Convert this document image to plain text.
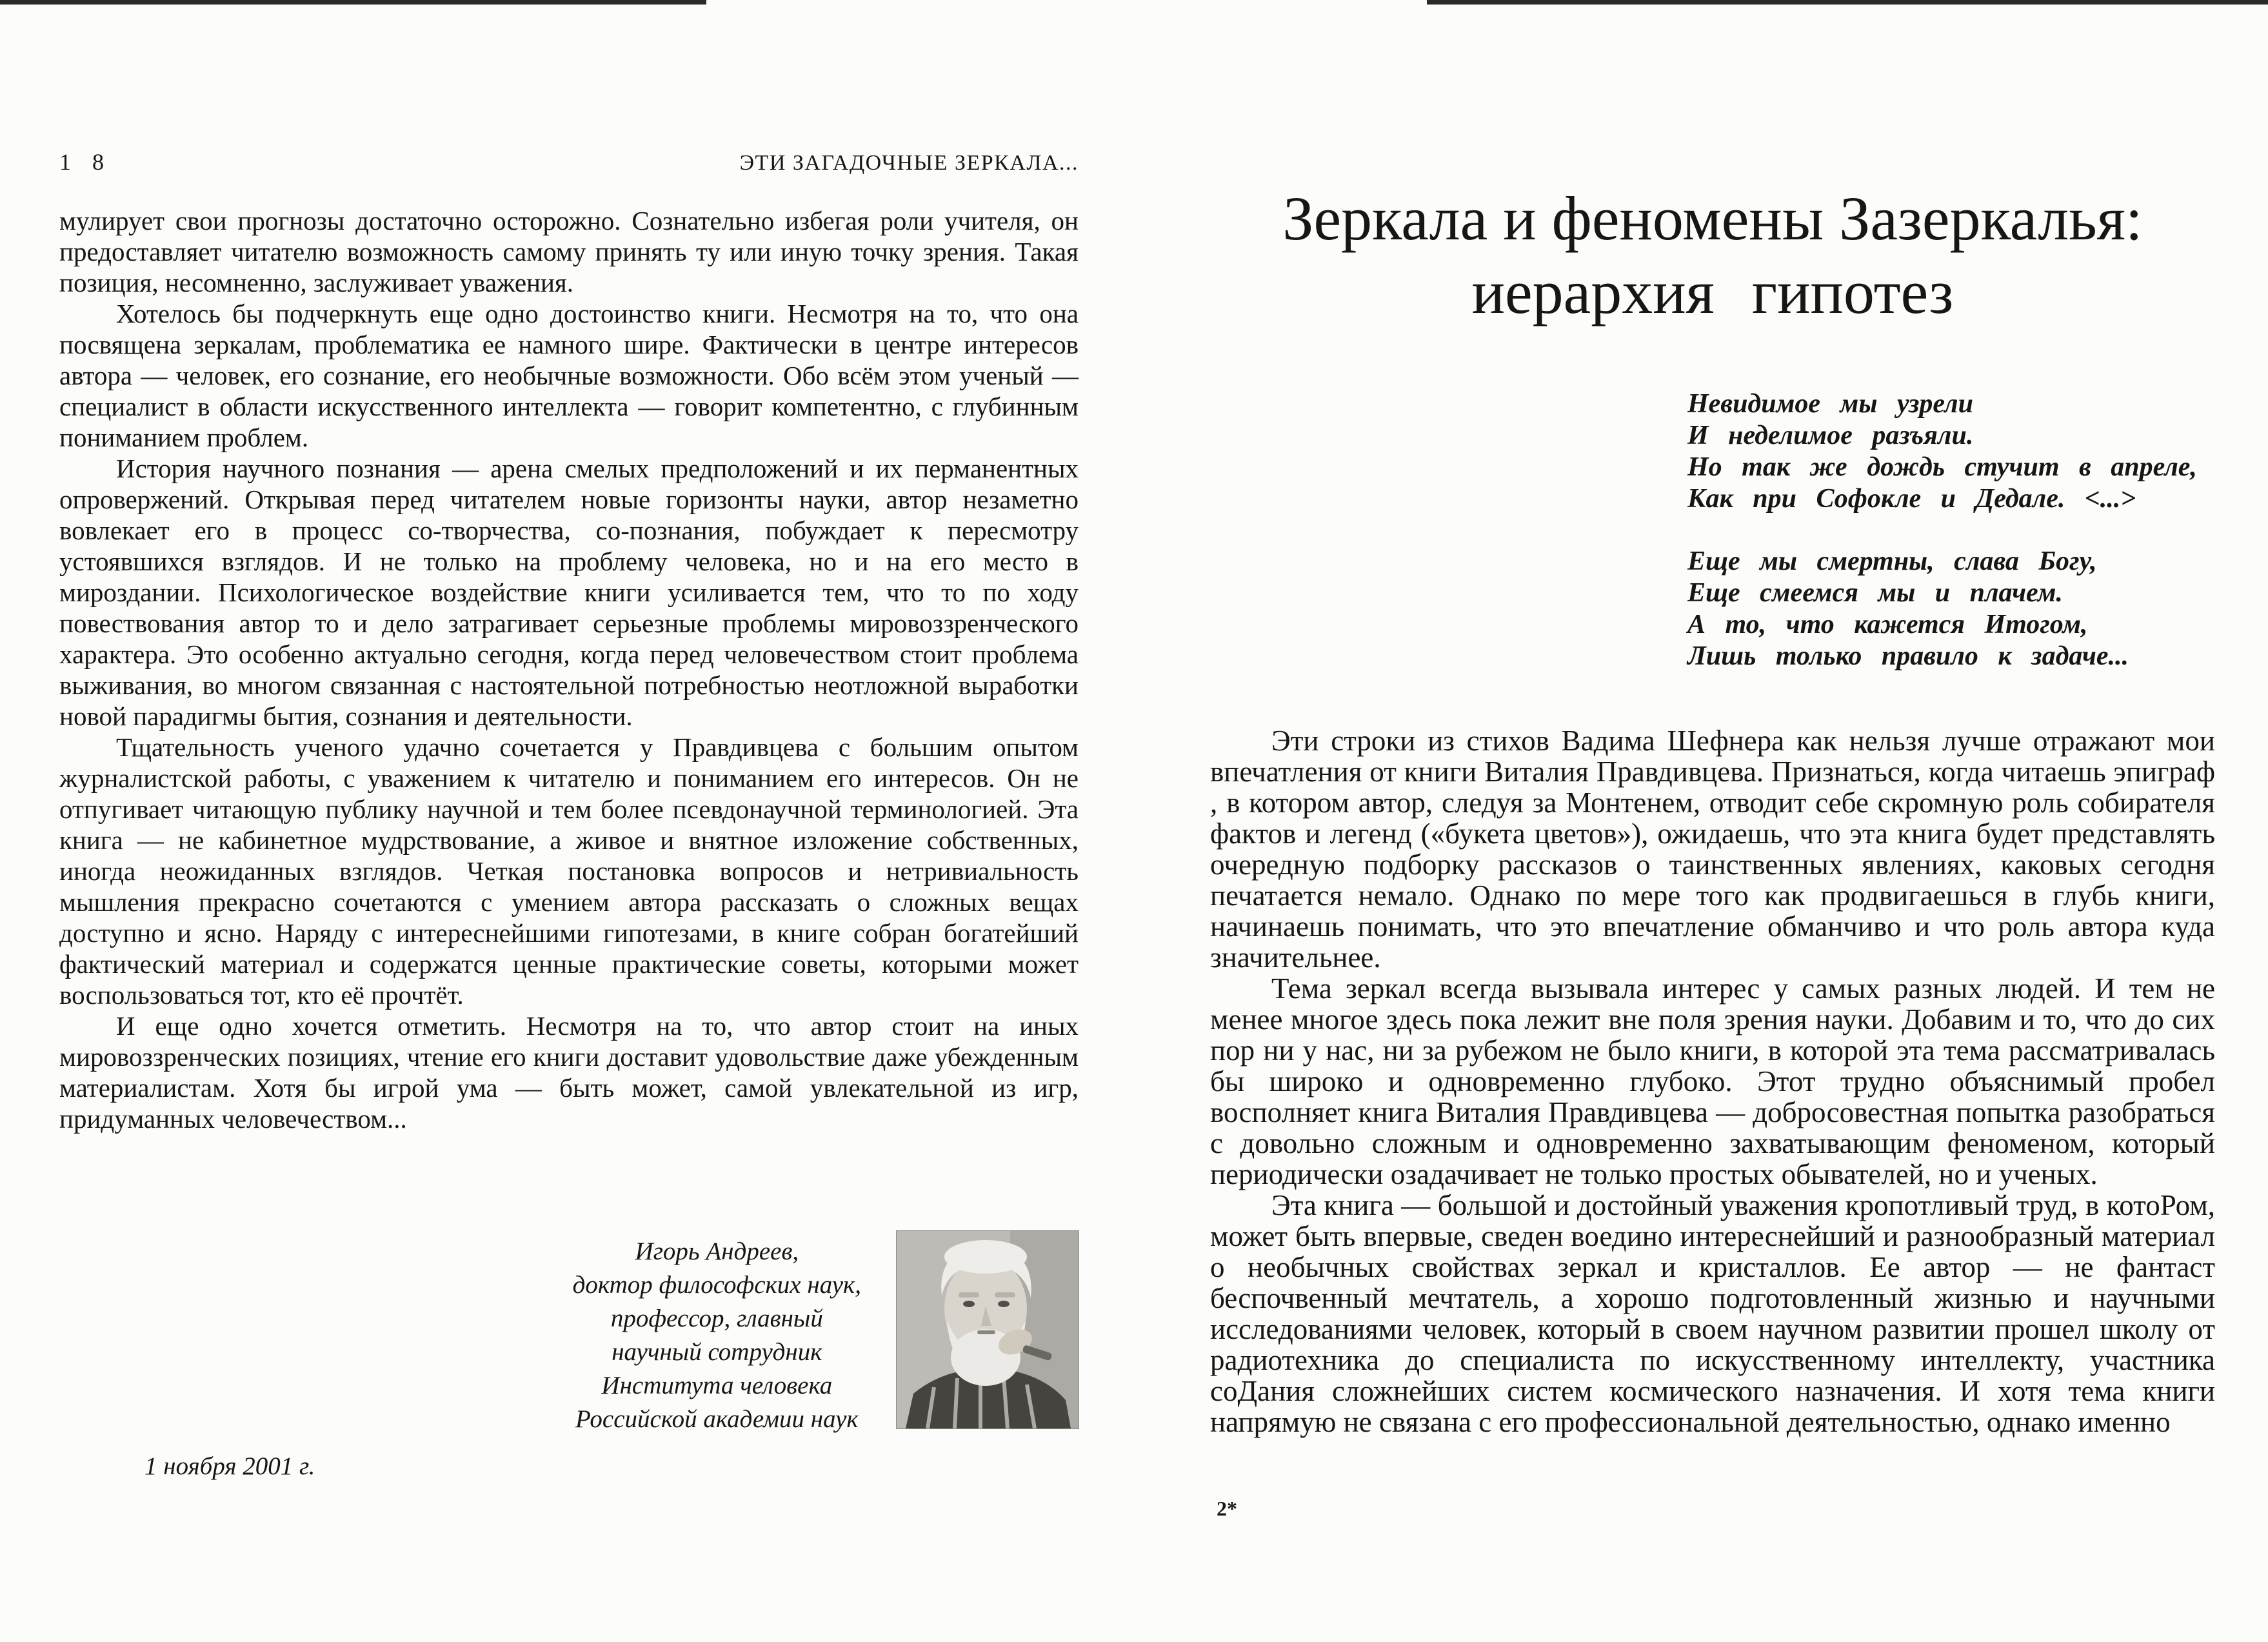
1 8	ЭТИ ЗАГАДОЧНЫЕ ЗЕРКАЛА...

мулирует свои прогнозы достаточно осторожно. Сознательно избегая роли учителя, он предоставляет читателю возможность самому принять ту или иную точку зрения. Такая позиция, несомненно, заслуживает уважения.

Хотелось бы подчеркнуть еще одно достоинство книги. Несмотря на то, что она посвящена зеркалам, проблематика ее намного шире. Фактически в центре интересов автора — человек, его сознание, его необычные возможности. Обо всём этом ученый — специалист в области искусственного интеллекта — говорит компетентно, с глубинным пониманием проблем.

История научного познания — арена смелых предположений и их перманентных опровержений. Открывая перед читателем новые горизонты науки, автор незаметно вовлекает его в процесс со-творчества, со-познания, побуждает к пересмотру устоявшихся взглядов. И не только на проблему человека, но и на его место в мироздании. Психологическое воздействие книги усиливается тем, что то по ходу повествования автор то и дело затрагивает серьезные проблемы мировоззренческого характера. Это особенно актуально сегодня, когда перед человечеством стоит проблема выживания, во многом связанная с настоятельной потребностью неотложной выработки новой парадигмы бытия, сознания и деятельности.

Тщательность ученого удачно сочетается у Правдивцева с большим опытом журналистской работы, с уважением к читателю и пониманием его интересов. Он не отпугивает читающую публику научной и тем более псевдонаучной терминологией. Эта книга — не кабинетное мудрствование, а живое и внятное изложение собственных, иногда неожиданных взглядов. Четкая постановка вопросов и нетривиальность мышления прекрасно сочетаются с умением автора рассказать о сложных вещах доступно и ясно. Наряду с интереснейшими гипотезами, в книге собран богатейший фактический материал и содержатся ценные практические советы, которыми может воспользоваться тот, кто её прочтёт.

И еще одно хочется отметить. Несмотря на то, что автор стоит на иных мировоззренческих позициях, чтение его книги доставит удовольствие даже убежденным материалистам. Хотя бы игрой ума — быть может, самой увлекательной из игр, придуманных человечеством...

Игорь Андреев,
доктор философских наук,
профессор, главный
научный сотрудник
Института человека
Российской академии наук
1 ноября 2001 г.
Зеркала и феномены Зазеркалья:
иерархия гипотез
Невидимое мы узрели
И неделимое разъяли.
Но так же дождь стучит в апреле,
Как при Софокле и Дедале. <...>
Еще мы смертны, слава Богу,
Еще смеемся мы и плачем.
А то, что кажется Итогом,
Лишь только правило к задаче...

Эти строки из стихов Вадима Шефнера как нельзя лучше отражают мои впечатления от книги Виталия Правдивцева. Признаться, когда читаешь эпиграф , в котором автор, следуя за Монтенем, отводит себе скромную роль собирателя фактов и легенд («букета цветов»), ожидаешь, что эта книга будет представлять очередную подборку рассказов о таинственных явлениях, каковых сегодня печатается немало. Однако по мере того как продвигаешься в глубь книги, начинаешь понимать, что это впечатление обманчиво и что роль автора куда значительнее.

Тема зеркал всегда вызывала интерес у самых разных людей. И тем не менее многое здесь пока лежит вне поля зрения науки. Добавим и то, что до сих пор ни у нас, ни за рубежом не было книги, в которой эта тема рассматривалась бы широко и одновременно глубоко. Этот трудно объяснимый пробел восполняет книга Виталия Правдивцева — добросовестная попытка разобраться с довольно сложным и одновременно захватывающим феноменом, который периодически озадачивает не только простых обывателей, но и ученых.

Эта книга — большой и достойный уважения кропотливый труд, в котоРом, может быть впервые, сведен воедино интереснейший и разнообразный материал о необычных свойствах зеркал и кристаллов. Ее автор — не фантаст беспочвенный мечтатель, а хорошо подготовленный жизнью и научными исследованиями человек, который в своем научном развитии прошел школу от радиотехника до специалиста по искусственному интеллекту, участника соДания сложнейших систем космического назначения. И хотя тема книги напрямую не связана с его профессиональной деятельностью, однако именно

2*
